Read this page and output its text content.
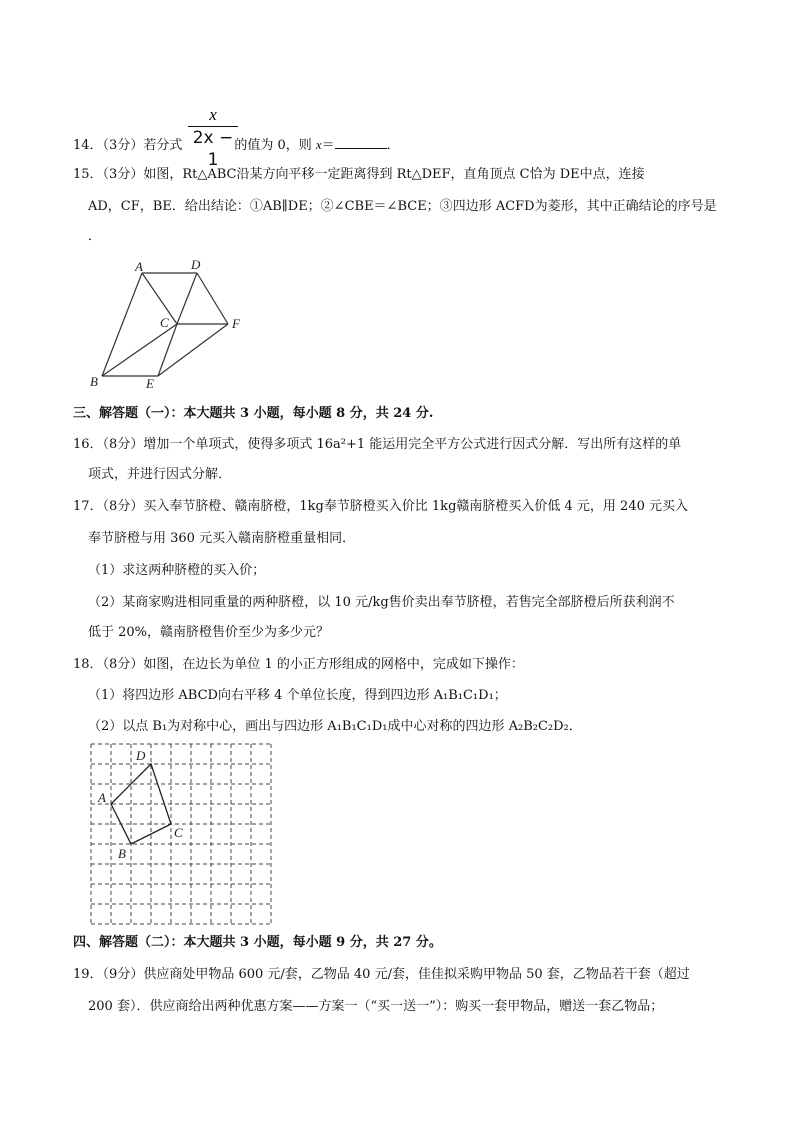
14．（3分）若分式	的值为 0，则 x＝	．
x
2x − 1
15．（3分）如图，Rt△ABC沿某方向平移一定距离得到 Rt△DEF，直角顶点 C恰为 DE中点，连接
AD，CF，BE．给出结论：①AB∥DE；②∠CBE＝∠BCE；③四边形 ACFD为菱形，其中正确结论的序号是
．
A	D
C	F
B	E
三、解答题（一）：本大题共 3 小题，每小题 8 分，共 24 分.
16．（8分）增加一个单项式，使得多项式 16a²+1 能运用完全平方公式进行因式分解．写出所有这样的单
项式，并进行因式分解．
17．（8分）买入奉节脐橙、赣南脐橙，1kg奉节脐橙买入价比 1kg赣南脐橙买入价低 4 元，用 240 元买入
奉节脐橙与用 360 元买入赣南脐橙重量相同．
（1）求这两种脐橙的买入价；
（2）某商家购进相同重量的两种脐橙，以 10 元/kg售价卖出奉节脐橙，若售完全部脐橙后所获利润不
低于 20%，赣南脐橙售价至少为多少元？
18．（8分）如图，在边长为单位 1 的小正方形组成的网格中，完成如下操作：
（1）将四边形 ABCD向右平移 4 个单位长度，得到四边形 A₁B₁C₁D₁；
（2）以点 B₁为对称中心，画出与四边形 A₁B₁C₁D₁成中心对称的四边形 A₂B₂C₂D₂．
A
D
C
B
四、解答题（二）：本大题共 3 小题，每小题 9 分，共 27 分。
19．（9分）供应商处甲物品 600 元/套，乙物品 40 元/套，佳佳拟采购甲物品 50 套，乙物品若干套（超过
200 套）．供应商给出两种优惠方案——方案一（“买一送一”）：购买一套甲物品，赠送一套乙物品；
